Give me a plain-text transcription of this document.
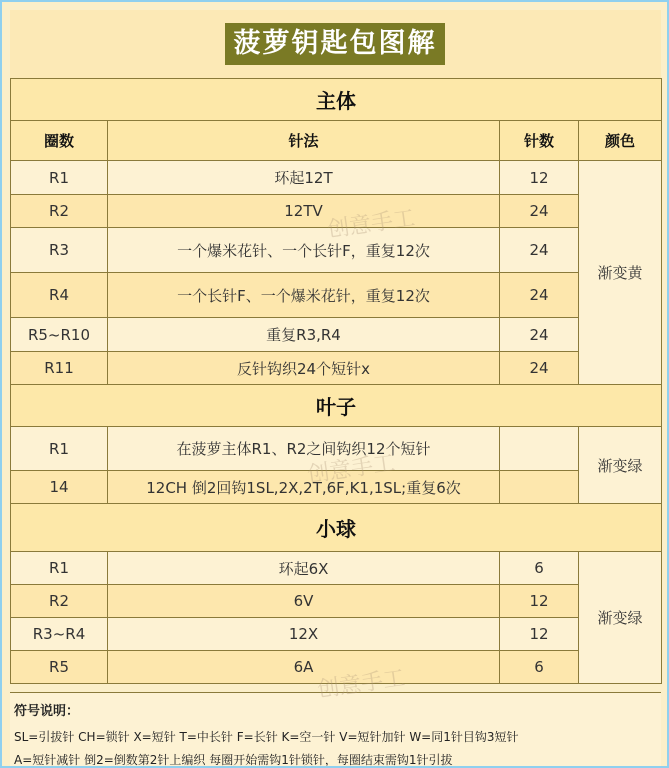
菠萝钥匙包图解
主体			
圈数	针法	针数	颜色
R1	环起12T	12	渐变黄
R2	12TV	24	
R3	一个爆米花针、一个长针F，重复12次	24	
R4	一个长针F、一个爆米花针，重复12次	24	
R5~R10	重复R3,R4	24	
R11	反针钩织24个短针x	24	
叶子			
R1	在菠萝主体R1、R2之间钩织12个短针		渐变绿
14	12CH 倒2回钩1SL,2X,2T,6F,K1,1SL;重复6次		
小球			
R1	环起6X	6	渐变绿
R2	6V	12	
R3~R4	12X	12	
R5	6A	6	
符号说明：
SL=引拔针 CH=锁针 X=短针 T=中长针 F=长针 K=空一针 V=短针加针 W=同1针目钩3短针
A=短针减针 倒2=倒数第2针上编织 每圈开始需钩1针锁针，每圈结束需钩1针引拔
创意手工
创意手工
创意手工
